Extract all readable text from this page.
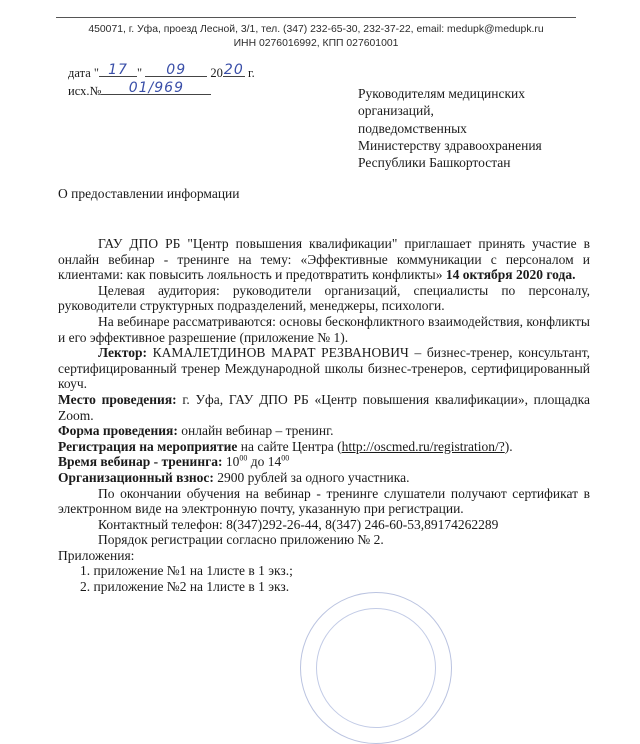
450071, г. Уфа, проезд Лесной, 3/1, тел. (347) 232-65-30, 232-37-22, email: medupk@medupk.ru
ИНН 0276016992, КПП 027601001
дата " 17 "	09	20 20 г.
исх.№	01/969	Руководителям медицинских
организаций,
подведомственных
Министерству здравоохранения
Республики Башкортостан
О предоставлении информации

ГАУ ДПО РБ "Центр повышения квалификации" приглашает принять участие в онлайн вебинар - тренинге на тему: «Эффективные коммуникации с персоналом и клиентами: как повысить лояльность и предотвратить конфликты» 14 октября 2020 года.

Целевая аудитория: руководители организаций, специалисты по персоналу, руководители структурных подразделений, менеджеры, психологи.

На вебинаре рассматриваются: основы бесконфликтного взаимодействия, конфликты и его эффективное разрешение (приложение № 1).

Лектор: КАМАЛЕТДИНОВ МАРАТ РЕЗВАНОВИЧ – бизнес-тренер, консультант, сертифицированный тренер Международной школы бизнес-тренеров, сертифицированный коуч.

Место проведения: г. Уфа, ГАУ ДПО РБ «Центр повышения квалификации», площадка Zoom.

Форма проведения: онлайн вебинар – тренинг.

Регистрация на мероприятие на сайте Центра (http://oscmed.ru/registration/?).

Время вебинар - тренинга: $10^{00}$ до $14^{00}$

Организационный взнос: 2900 рублей за одного участника.

По окончании обучения на вебинар - тренинге слушатели получают сертификат в электронном виде на электронную почту, указанную при регистрации.

Контактный телефон: 8(347)292-26-44, 8(347) 246-60-53,89174262289

Порядок регистрации согласно приложению № 2.

Приложения:

1. приложение №1 на 1листе в 1 экз.;
2. приложение №2 на 1листе в 1 экз.
